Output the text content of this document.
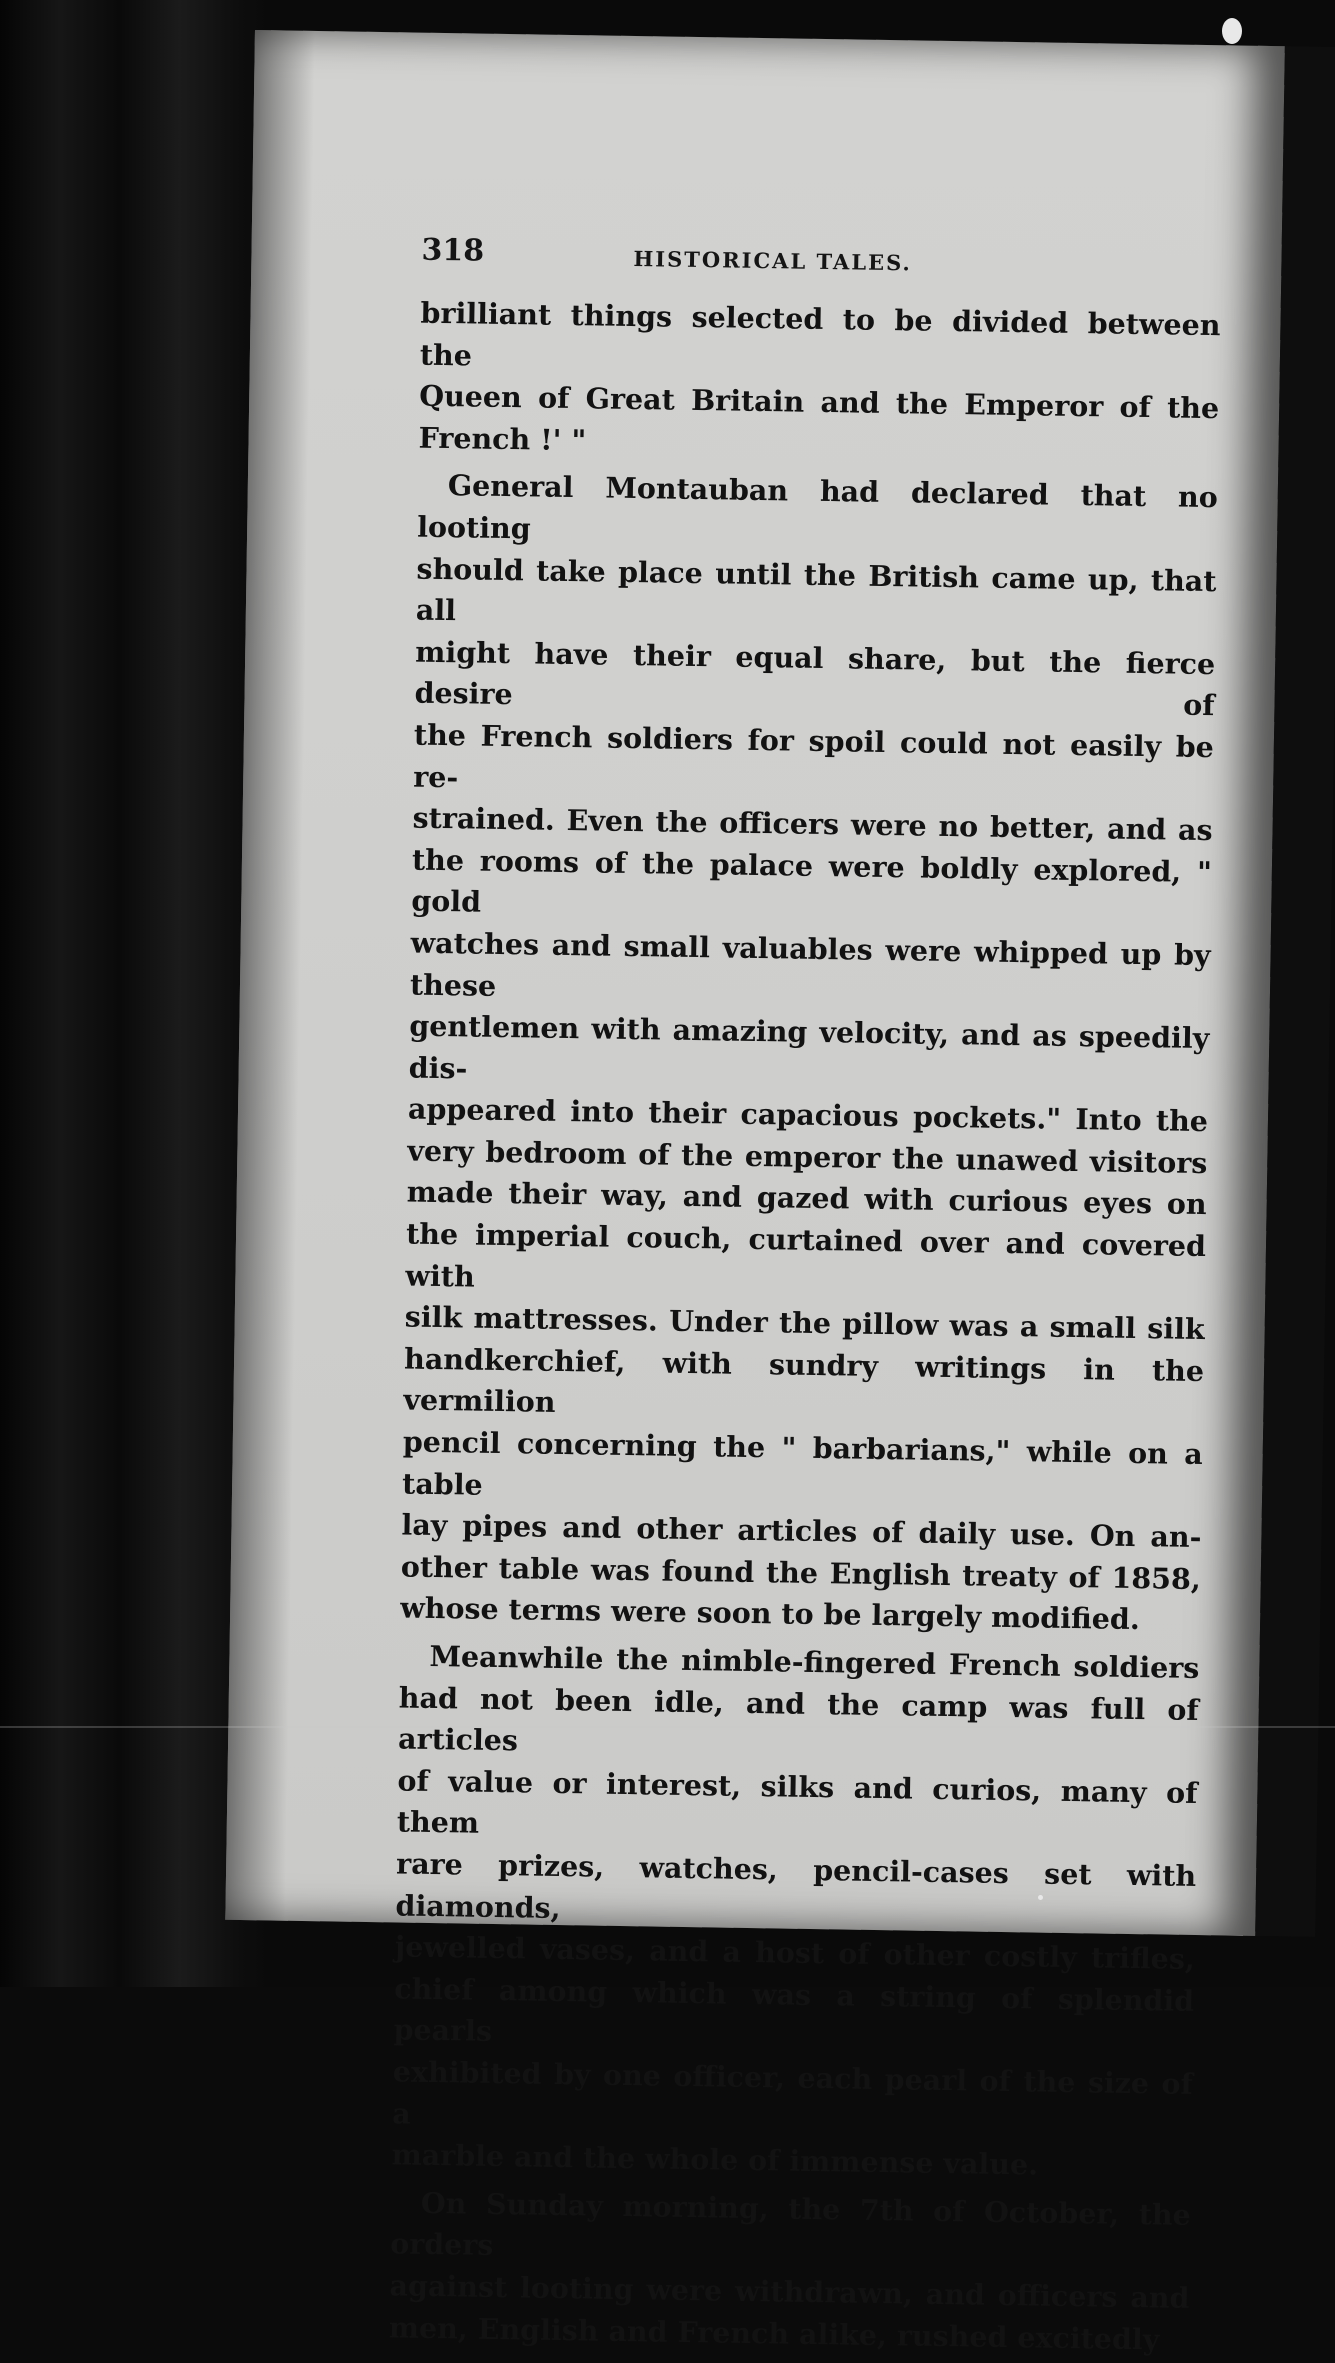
318	HISTORICAL TALES.
brilliant things selected to be divided between the
Queen of Great Britain and the Emperor of the
French !' "
General Montauban had declared that no looting
should take place until the British came up, that all
might have their equal share, but the fierce desire of
the French soldiers for spoil could not easily be re-
strained. Even the officers were no better, and as
the rooms of the palace were boldly explored, " gold
watches and small valuables were whipped up by these
gentlemen with amazing velocity, and as speedily dis-
appeared into their capacious pockets." Into the
very bedroom of the emperor the unawed visitors
made their way, and gazed with curious eyes on
the imperial couch, curtained over and covered with
silk mattresses. Under the pillow was a small silk
handkerchief, with sundry writings in the vermilion
pencil concerning the " barbarians," while on a table
lay pipes and other articles of daily use. On an-
other table was found the English treaty of 1858,
whose terms were soon to be largely modified.
Meanwhile the nimble-fingered French soldiers
had not been idle, and the camp was full of articles
of value or interest, silks and curios, many of them
rare prizes, watches, pencil-cases set with diamonds,
jewelled vases, and a host of other costly trifles,
chief among which was a string of splendid pearls
exhibited by one officer, each pearl of the size of a
marble and the whole of immense value.
On Sunday morning, the 7th of October, the orders
against looting were withdrawn, and officers and
men, English and French alike, rushed excitedly
